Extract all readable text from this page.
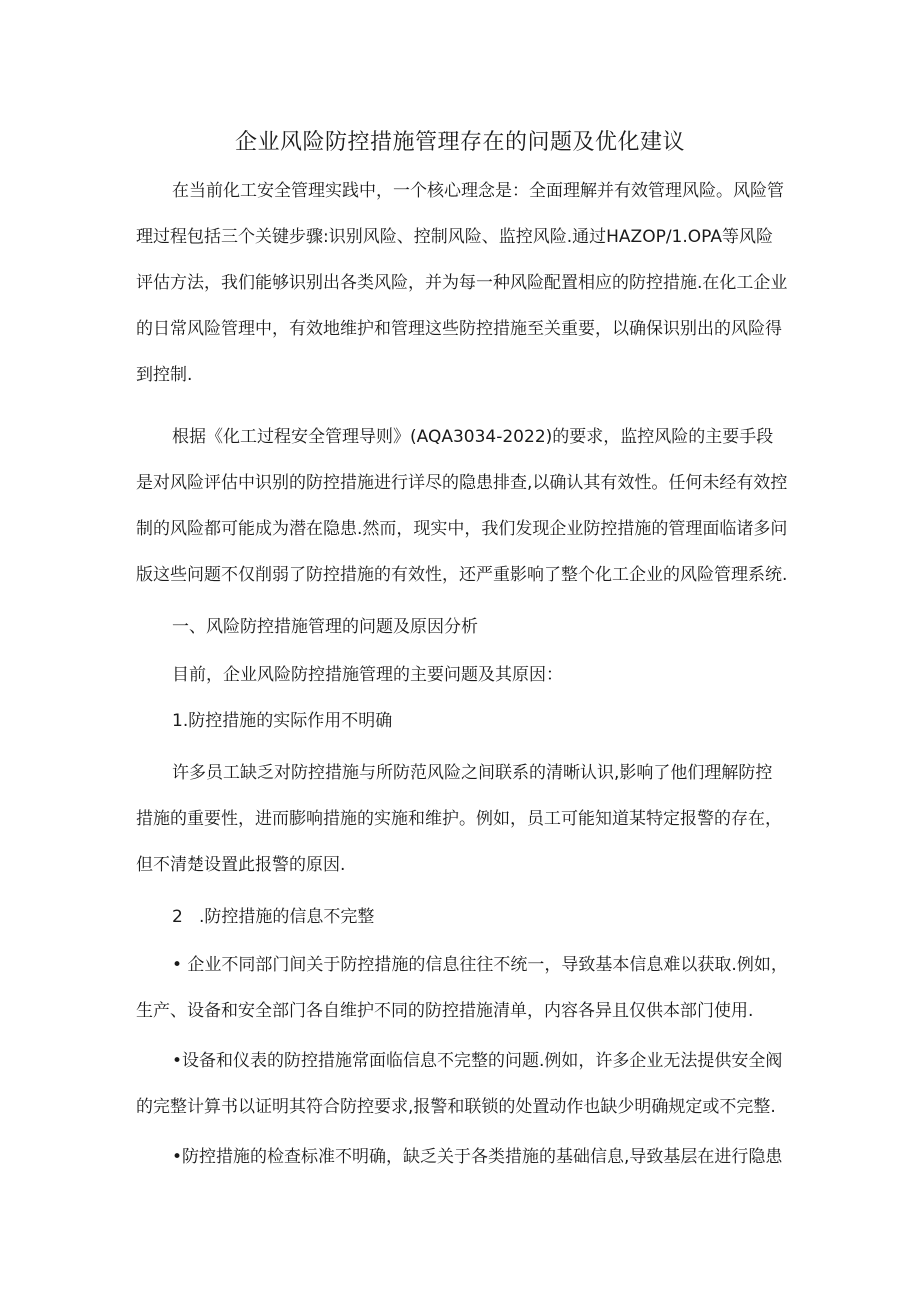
企业风险防控措施管理存在的问题及优化建议
在当前化工安全管理实践中，一个核心理念是：全面理解并有效管理风险。风险管
理过程包括三个关键步骤:识别风险、控制风险、监控风险.通过HAZOP/1.OPA等风险
评估方法，我们能够识别出各类风险，并为每一种风险配置相应的防控措施.在化工企业
的日常风险管理中，有效地维护和管理这些防控措施至关重要，以确保识别出的风险得
到控制.
根据《化工过程安全管理导则》(AQA3034-2022)的要求，监控风险的主要手段
是对风险评估中识别的防控措施进行详尽的隐患排查,以确认其有效性。任何未经有效控
制的风险都可能成为潜在隐患.然而，现实中，我们发现企业防控措施的管理面临诸多问
版这些问题不仅削弱了防控措施的有效性，还严重影响了整个化工企业的风险管理系统.
一、风险防控措施管理的问题及原因分析
目前，企业风险防控措施管理的主要问题及其原因：
1.防控措施的实际作用不明确
许多员工缺乏对防控措施与所防范风险之间联系的清晰认识,影响了他们理解防控
措施的重要性，进而膨响措施的实施和维护。例如，员工可能知道某特定报警的存在，
但不清楚设置此报警的原因.
2   .防控措施的信息不完整
• 企业不同部门间关于防控措施的信息往往不统一，导致基本信息难以获取.例如，
生产、设备和安全部门各自维护不同的防控措施清单，内容各异且仅供本部门使用.
•设备和仪表的防控措施常面临信息不完整的问题.例如，许多企业无法提供安全阀
的完整计算书以证明其符合防控要求,报警和联锁的处置动作也缺少明确规定或不完整.
•防控措施的检查标准不明确，缺乏关于各类措施的基础信息,导致基层在进行隐患
